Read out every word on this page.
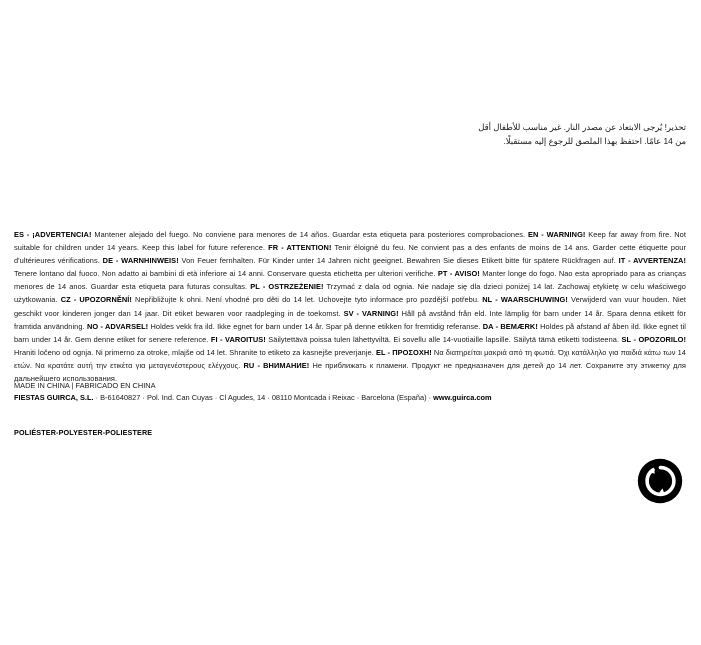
ES - ¡ADVERTENCIA! Mantener alejado del fuego. No conviene para menores de 14 años. Guardar esta etiqueta para posteriores comprobaciones. EN - WARNING! Keep far away from fire. Not suitable for children under 14 years. Keep this label for future reference. FR - ATTENTION! Tenir éloigné du feu. Ne convient pas a des enfants de moins de 14 ans. Garder cette étiquette pour d'ultérieures vérifications. DE - WARNHINWEIS! Von Feuer fernhalten. Für Kinder unter 14 Jahren nicht geeignet. Bewahren Sie dieses Etikett bitte für spätere Rückfragen auf. IT - AVVERTENZA! Tenere lontano dal fuoco. Non adatto ai bambini di età inferiore ai 14 anni. Conservare questa etichetta per ulteriori verifiche. PT - AVISO! Manter longe do fogo. Nao esta apropriado para as crianças menores de 14 anos. Guardar esta etiqueta para futuras consultas. PL - OSTRZEŻENIE! Trzymać z dala od ognia. Nie nadaje się dla dzieci poniżej 14 lat. Zachowaj etykietę w celu właściwego użytkowania. CZ - UPOZORNĚNÍ! Nepřibližujte k ohni. Není vhodné pro děti do 14 let. Uchovejte tyto informace pro pozdější potřebu. NL - WAARSCHUWING! Verwijderd van vuur houden. Niet geschikt voor kinderen jonger dan 14 jaar. Dit etiket bewaren voor raadpleging in de toekomst. SV - VARNING! Håll på avstånd från eld. Inte lämplig för barn under 14 år. Spara denna etikett för framtida användning. NO - ADVARSEL! Holdes vekk fra ild. Ikke egnet for barn under 14 år. Spar på denne etikken for fremtidig referanse. DA - BEMÆRK! Holdes på afstand af åben ild. Ikke egnet til barn under 14 år. Gem denne etiket for senere reference. FI - VAROITUS! Säilytettävä poissa tulen lähettyviltä. Ei sovellu alle 14-vuotiaille lapsille. Säilytä tämä etiketti todisteena. SL - OPOZORILO! Hraniti ločeno od ognja. Ni primerno za otroke, mlajše od 14 let. Shranite to etiketo za kasnejše preverjanje. EL - ΠΡΟΣΟΧΗ! Να διατηρεíται μακριά από τη φωτιά. Όχι κατάλληλο για παιδιά κάτω των 14 ετών. Να κρατάτε αυτή την ετικέτα για μεταγενέστερους ελέγχους. RU - ВНИМАНИЕ! Не приближать к пламени. Продукт не предназначен для детей до 14 лет. Сохраните эту этикетку для дальнейшего использования.
تحذير! يُرجى الابتعاد عن مصدر النار. غير مناسب للأطفال أقل
من 14 عامًا. احتفظ بهذا الملصق للرجوع إليه مستقبلًا.
MADE IN CHINA | FABRICADO EN CHINA
FIESTAS GUIRCA, S.L. · B-61640827 · Pol. Ind. Can Cuyas · Cl Agudes, 14 · 08110 Montcada i Reixac · Barcelona (España) · www.guirca.com
POLIÉSTER-POLYESTER-POLIESTERE
